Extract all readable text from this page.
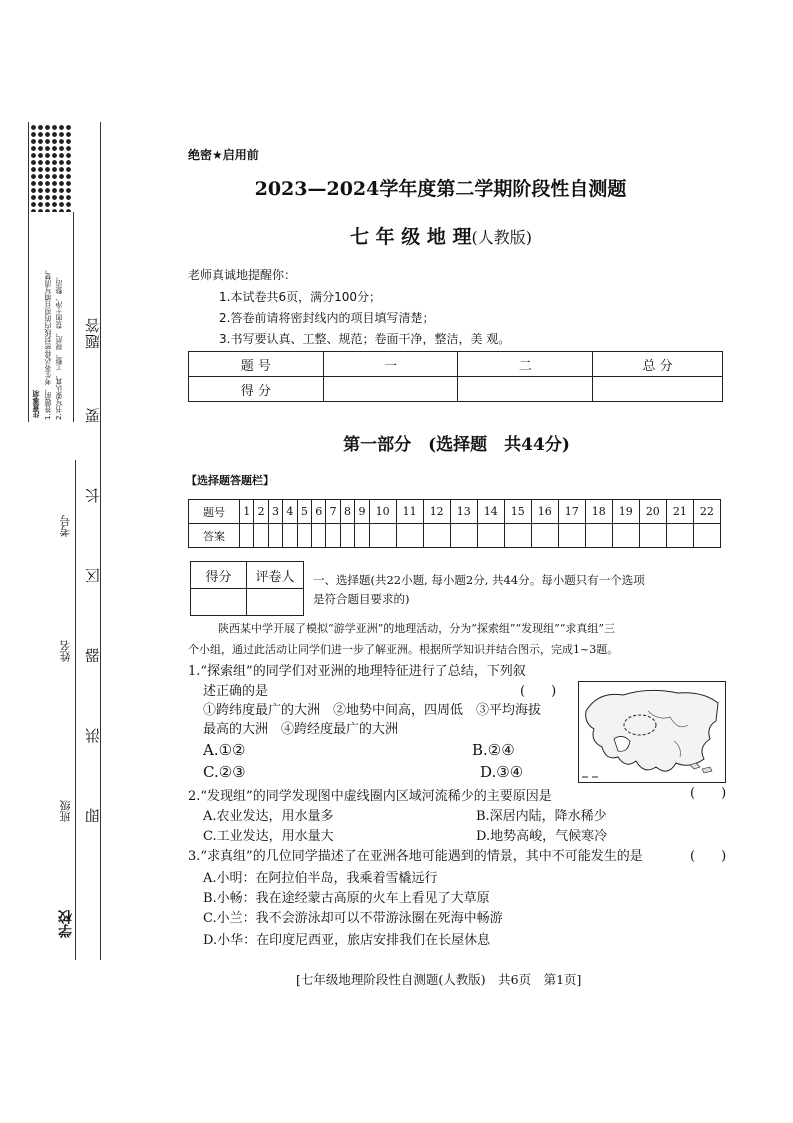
注意事项 1.答题前，考生务必将密封线内的项目填写清楚。 2.书写要认真、工整、规范，卷面干净、整洁。 答
题
要
长
区
器
洪
即
考号
姓名
班级
学校
绝密★启用前
2023—2024学年度第二学期阶段性自测题
七 年 级 地 理(人教版)
老师真诚地提醒你：
1.本试卷共6页，满分100分；
2.答卷前请将密封线内的项目填写清楚；
3.书写要认真、工整、规范；卷面干净，整洁，美 观。
题 号	一	二	总 分
得 分			
第一部分　(选择题　共44分)
【选择题答题栏】
题号	1	2	3	4	5	6	7	8	9	10	11	12	13	14	15	16	17	18	19	20	21	22
答案																						
得分	评卷人
	一、选择题(共22小题, 每小题2分, 共44分。每小题只有一个选项
是符合题目要求的)
陕西某中学开展了模拟“游学亚洲”的地理活动，分为“探索组”“发现组”“求真组”三
个小组，通过此活动让同学们进一步了解亚洲。根据所学知识并结合图示，完成1~3题。
1.“探索组”的同学们对亚洲的地理特征进行了总结，下列叙
述正确的是	(　　)
①跨纬度最广的大洲　②地势中间高，四周低　③平均海拔
最高的大洲　④跨经度最广的大洲
A.①②	B.②④
C.②③	D.③④
2.“发现组”的同学发现图中虚线圈内区域河流稀少的主要原因是	(　　)
A.农业发达，用水量多	B.深居内陆，降水稀少
C.工业发达，用水量大	D.地势高峻，气候寒冷
3.“求真组”的几位同学描述了在亚洲各地可能遇到的情景，其中不可能发生的是	(　　)
A.小明：在阿拉伯半岛，我乘着雪橇远行
B.小畅：我在途经蒙古高原的火车上看见了大草原
C.小兰：我不会游泳却可以不带游泳圈在死海中畅游
D.小华：在印度尼西亚，旅店安排我们在长屋休息
[七年级地理阶段性自测题(人教版)　共6页　第1页]
